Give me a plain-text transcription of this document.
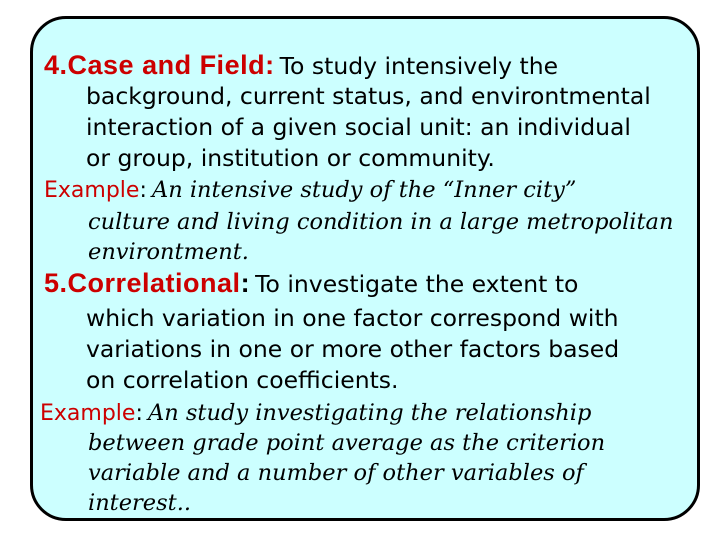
4.Case and Field: To study intensively the
background, current status, and environtmental
interaction of a given social unit: an individual
or group, institution or community.
Example: An intensive study of the “Inner city”
culture and living condition in a large metropolitan
environtment.
5.Correlational: To investigate the extent to
which variation in one factor correspond with
variations in one or more other factors based
on correlation coefficients.
Example: An study investigating the relationship
between grade point average as the criterion
variable and a number of other variables of
interest..
